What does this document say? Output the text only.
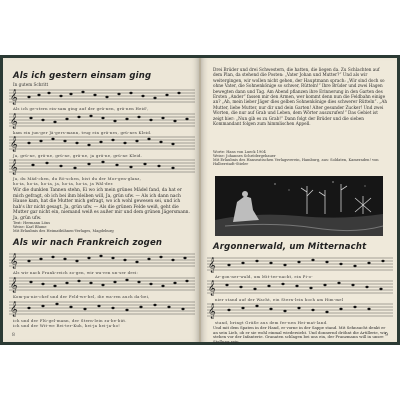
Als ich gestern einsam ging
In gutem Schritt
𝄞
Als ich ge-stern ein-sam ging auf der grü-nen, grü-nen Heid',
𝄞
kam ein jun-ger Jä-gers-mann, trug ein grü-nes, grü-nes Kleid.
𝄞
Ja, grü-ne, grü-ne, grü-ne, grü-ne, ja grü-ne, grü-ne Kleid.
𝄞
Ja, du Mäd-chen, du Rö-schen, bist du der Mor-gen-glanz,
ho-ia, ho-ia, ho-ia, ja, ho-ia, ho-ia, ja Wäl-der.
Wir die dunklen Tannen stehn, Ei wo ich mein grünes Mädel fand, da hat er mich gefragt, ob ich bei ihm bleiben will, Ja, grün ufw. — Als ich dann nach Hause kam, hat die Mutter mich gefragt, wo ich wohl gewesen sei, und ich hab's ihr nicht gesagt. Ja, grün ufw. — Als die grünen Felde weiß, geht die Mutter gar nicht ein, niemand weiß es außer mir und dem grünen Jägersmann. Ja, grün ufw.
Text: Hermann Löns
Weise: Karl Blume
Mit Erlaubnis des Heimatbühnen-Verlages, Magdeburg
Als wir nach Frankreich zogen
𝄞
Als wir nach Frank-reich zo-gen, wir wa-ren un-ser drei:
𝄞
Kom-pa-nie-chef und der Feld-we-bel, die wa-ren auch da-bei,
𝄞
ich und der Flü-gel-mann, der Stern-lein zu-be-hüt.
ich und der Wit-we Rei-ter-Kuh, hei-ja hei-ja-ho!
8
Drei Brüder und drei Schwestern, die hatten, die liegen da. Zu Schlachten auf dem Plan, da stehend die Posten: „Vater Johan und Mutter?“ Und als wir weitergingen, wir wollen nicht gehen, der Hauptmann sprach: „Wir sind doch so ohne Vater, die Sohnenkönige so schwer, Rütteln!“ Ihre Brüder und zwei Hagen bewegten dann und Tag. Am Abend pflanzen ihre Erinnerung in den Garten des Ersten „Ander“ fassen mir den Armen, wer kommt denn nun die Feldbahn einige an? „Ah, mein lieber Jäger dies gelben Sohnenkönige dies schwerer Rütteln“. „Ah Mutter, liebe Mutter, nur dir und dein Garten! Alter gesunder Zucker! Und zwei Worten, die nur auf Grab und Leben, dem Wörter auszurufen!“ Das Gebiet ist zeigt hier: „Nun gib es zu Grab!“ Dann folgt der Brüder und die sieben Kommandant folgen zum himmlischen Appell.
Worte: Hans von Lueck 1904
Weise: Johannes Schrödergebauer
Mit Erlaubnis des Hanseatischen Verlagsverein, Hamburg, aus: Soldaten, Kameraden! von Halberstadt-Stieler
Argonnerwald, um Mitternacht
𝄞
Ar-gon-ner-wald, um Mit-ter-nacht, ein Pi-o-
𝄞
nier stand auf der Wacht, ein Stern-lein hoch am Him-mel
𝄞
stand, bringt Grüße aus dem fer-nen Hei-mat-land.
Und mit dem Spaten in der Hand, er vorne in der Sappe stand. Mit Sehnsucht denkt er an sein Lieb, ob er sie wohl einmal wiedersieht. Und donnernd dröhnt die Artillerie, wir stehen vor der Infanterie. Granaten schlagen bei uns ein, der Franzmann will in unsre Stellung rein.
9
